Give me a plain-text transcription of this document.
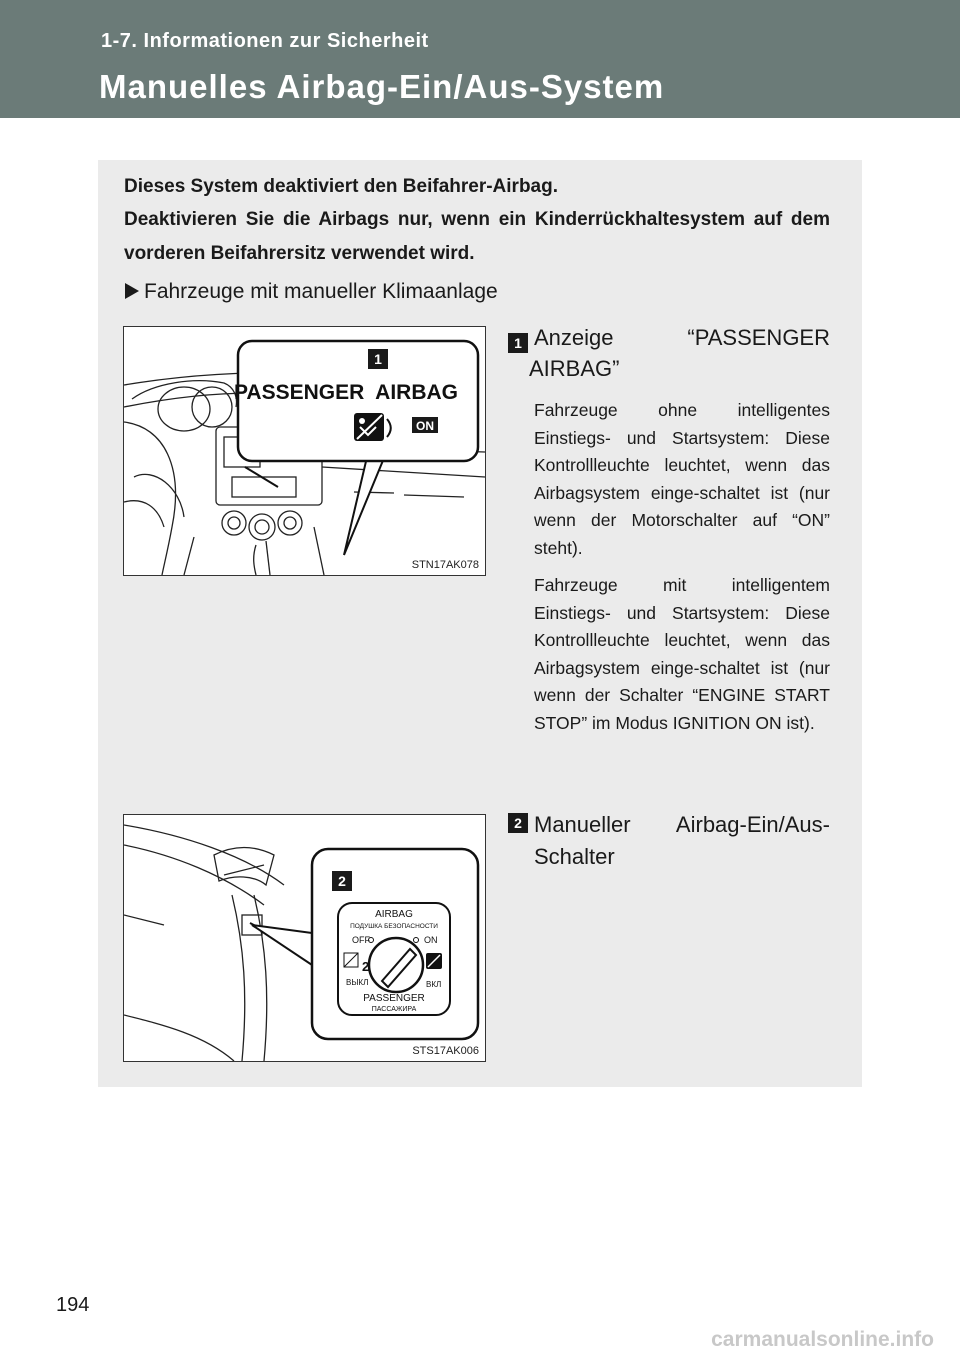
1-7. Informationen zur Sicherheit
Manuelles Airbag-Ein/Aus-System
Dieses System deaktiviert den Beifahrer-Airbag.
Deaktivieren Sie die Airbags nur, wenn ein Kinderrückhaltesystem auf dem vorderen Beifahrersitz verwendet wird.
Fahrzeuge mit manueller Klimaanlage
1
PASSENGER  AIRBAG
ON
STN17AK078
2
AIRBAG
ПОДУШКА БЕЗОПАСНОСТИ
OFF	ON
2
ВЫКЛ	ВКЛ
PASSENGER
ПАССАЖИРА
STS17AK006
1 Anzeige “PASSENGER
AIRBAG”
Fahrzeuge ohne intelligentes Einstiegs- und Startsystem: Diese Kontrollleuchte leuchtet, wenn das Airbagsystem einge-schaltet ist (nur wenn der Motorschalter auf “ON” steht).
Fahrzeuge mit intelligentem Einstiegs- und Startsystem: Diese Kontrollleuchte leuchtet, wenn das Airbagsystem einge-schaltet ist (nur wenn der Schalter “ENGINE START STOP” im Modus IGNITION ON ist).
2 Manueller Airbag-Ein/Aus-
Schalter
194
carmanualsonline.info
